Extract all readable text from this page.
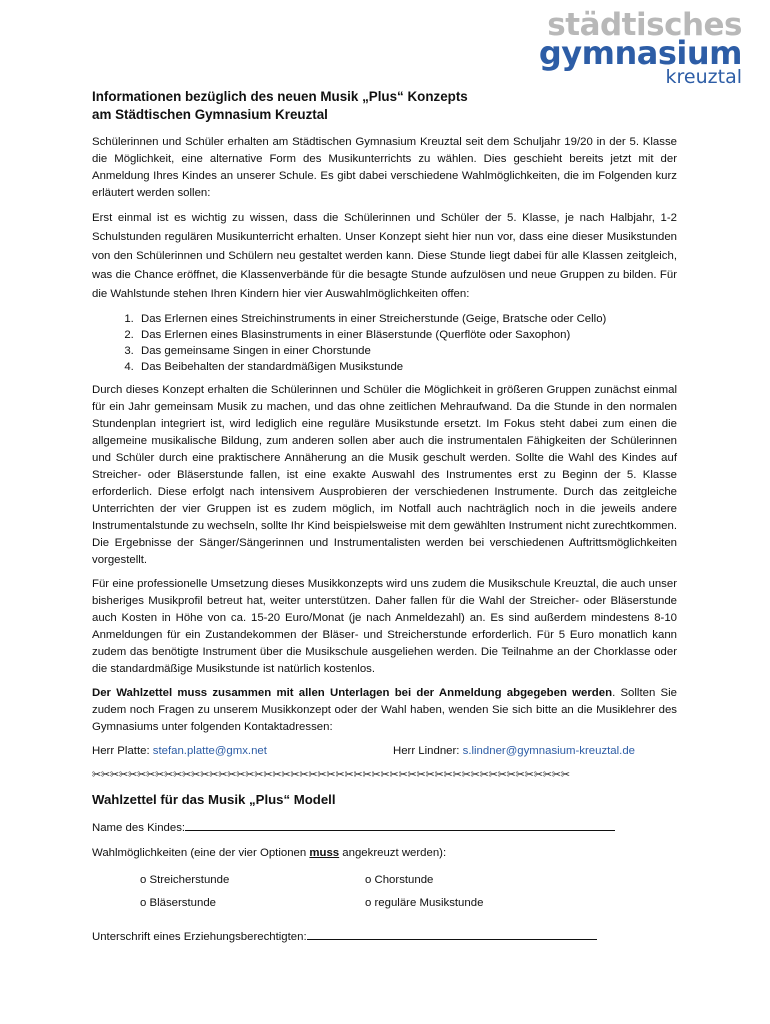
städtisches
gymnasium
kreuztal
Informationen bezüglich des neuen Musik „Plus“ Konzepts
am Städtischen Gymnasium Kreuztal

Schülerinnen und Schüler erhalten am Städtischen Gymnasium Kreuztal seit dem Schuljahr 19/20 in der 5. Klasse die Möglichkeit, eine alternative Form des Musikunterrichts zu wählen. Dies geschieht bereits jetzt mit der Anmeldung Ihres Kindes an unserer Schule. Es gibt dabei verschiedene Wahlmöglichkeiten, die im Folgenden kurz erläutert werden sollen:

Erst einmal ist es wichtig zu wissen, dass die Schülerinnen und Schüler der 5. Klasse, je nach Halbjahr, 1-2 Schulstunden regulären Musikunterricht erhalten. Unser Konzept sieht hier nun vor, dass eine dieser Musikstunden von den Schülerinnen und Schülern neu gestaltet werden kann. Diese Stunde liegt dabei für alle Klassen zeitgleich, was die Chance eröffnet, die Klassenverbände für die besagte Stunde aufzulösen und neue Gruppen zu bilden. Für die Wahlstunde stehen Ihren Kindern hier vier Auswahlmöglichkeiten offen:

1. Das Erlernen eines Streichinstruments in einer Streicherstunde (Geige, Bratsche oder Cello)
2. Das Erlernen eines Blasinstruments in einer Bläserstunde (Querflöte oder Saxophon)
3. Das gemeinsame Singen in einer Chorstunde
4. Das Beibehalten der standardmäßigen Musikstunde

Durch dieses Konzept erhalten die Schülerinnen und Schüler die Möglichkeit in größeren Gruppen zunächst einmal für ein Jahr gemeinsam Musik zu machen, und das ohne zeitlichen Mehraufwand. Da die Stunde in den normalen Stundenplan integriert ist, wird lediglich eine reguläre Musikstunde ersetzt. Im Fokus steht dabei zum einen die allgemeine musikalische Bildung, zum anderen sollen aber auch die instrumentalen Fähigkeiten der Schülerinnen und Schüler durch eine praktischere Annäherung an die Musik geschult werden. Sollte die Wahl des Kindes auf Streicher- oder Bläserstunde fallen, ist eine exakte Auswahl des Instrumentes erst zu Beginn der 5. Klasse erforderlich. Diese erfolgt nach intensivem Ausprobieren der verschiedenen Instrumente. Durch das zeitgleiche Unterrichten der vier Gruppen ist es zudem möglich, im Notfall auch nachträglich noch in die jeweils andere Instrumentalstunde zu wechseln, sollte Ihr Kind beispielsweise mit dem gewählten Instrument nicht zurechtkommen. Die Ergebnisse der Sänger/Sängerinnen und Instrumentalisten werden bei verschiedenen Auftrittsmöglichkeiten vorgestellt.

Für eine professionelle Umsetzung dieses Musikkonzepts wird uns zudem die Musikschule Kreuztal, die auch unser bisheriges Musikprofil betreut hat, weiter unterstützen. Daher fallen für die Wahl der Streicher- oder Bläserstunde auch Kosten in Höhe von ca. 15-20 Euro/Monat (je nach Anmeldezahl) an. Es sind außerdem mindestens 8-10 Anmeldungen für ein Zustandekommen der Bläser- und Streicherstunde erforderlich. Für 5 Euro monatlich kann zudem das benötigte Instrument über die Musikschule ausgeliehen werden. Die Teilnahme an der Chorklasse oder die standardmäßige Musikstunde ist natürlich kostenlos.

Der Wahlzettel muss zusammen mit allen Unterlagen bei der Anmeldung abgegeben werden. Sollten Sie zudem noch Fragen zu unserem Musikkonzept oder der Wahl haben, wenden Sie sich bitte an die Musiklehrer des Gymnasiums unter folgenden Kontaktadressen:

Herr Platte: stefan.platte@gmx.net	Herr Lindner: s.lindner@gymnasium-kreuztal.de
✂✂✂✂✂✂✂✂✂✂✂✂✂✂✂✂✂✂✂✂✂✂✂✂✂✂✂✂✂✂✂✂✂✂✂✂✂✂✂✂✂✂✂✂✂✂✂✂✂✂✂✂✂
Wahlzettel für das Musik „Plus“ Modell
Name des Kindes:
Wahlmöglichkeiten (eine der vier Optionen muss angekreuzt werden):
o Streicherstunde	o Chorstunde
o Bläserstunde	o reguläre Musikstunde
Unterschrift eines Erziehungsberechtigten:
